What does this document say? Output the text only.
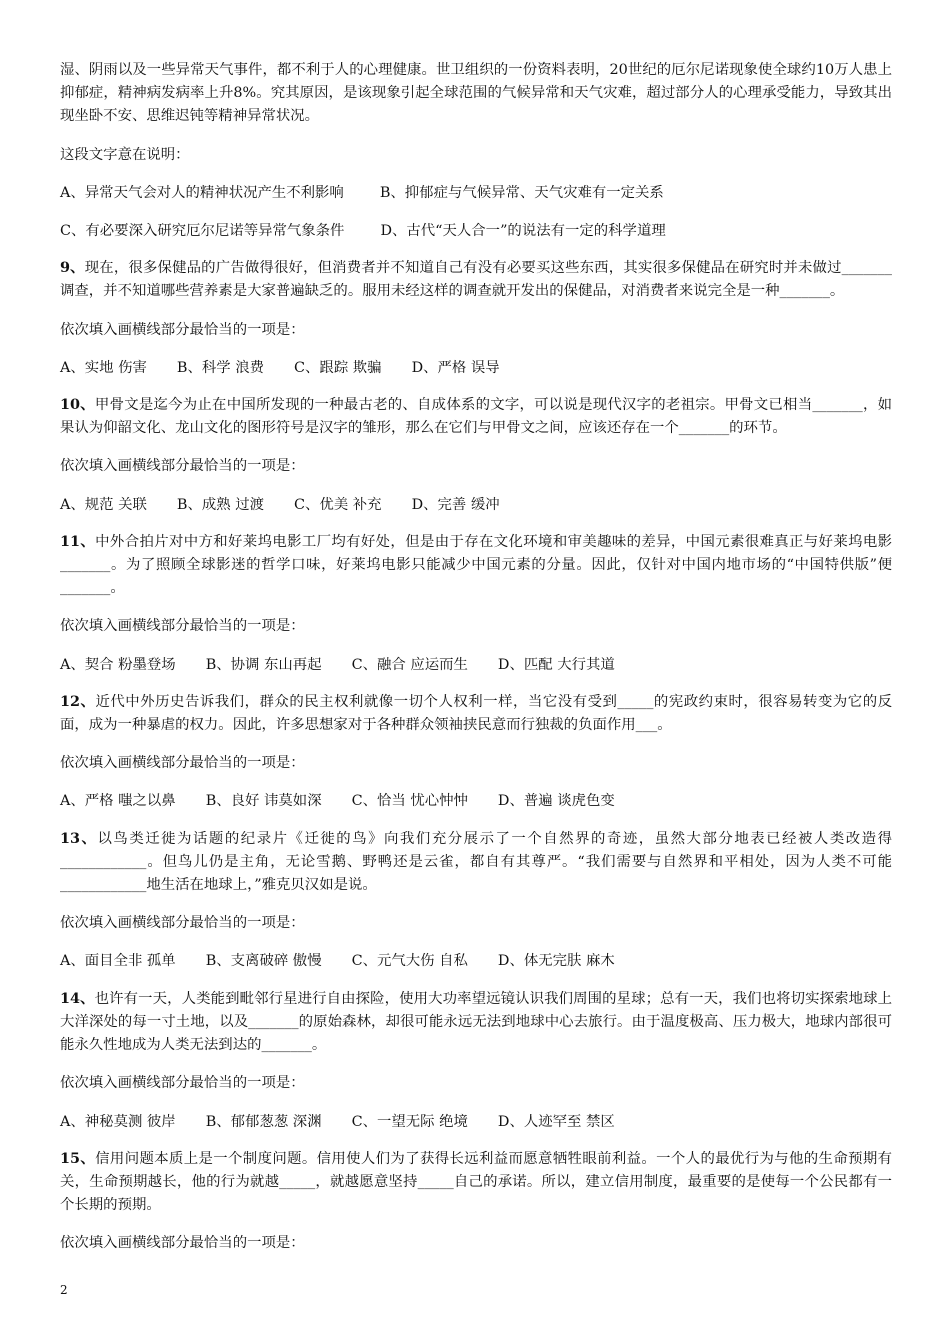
湿、阴雨以及一些异常天气事件，都不利于人的心理健康。世卫组织的一份资料表明，20世纪的厄尔尼诺现象使全球约10万人患上抑郁症，精神病发病率上升8%。究其原因，是该现象引起全球范围的气候异常和天气灾难，超过部分人的心理承受能力，导致其出现坐卧不安、思维迟钝等精神异常状况。

这段文字意在说明：

A、异常天气会对人的精神状况产生不利影响	B、抑郁症与气候异常、天气灾难有一定关系

C、有必要深入研究厄尔尼诺等异常气象条件	D、古代“天人合一”的说法有一定的科学道理

9、现在，很多保健品的广告做得很好，但消费者并不知道自己有没有必要买这些东西，其实很多保健品在研究时并未做过_______调查，并不知道哪些营养素是大家普遍缺乏的。服用未经这样的调查就开发出的保健品，对消费者来说完全是一种_______。

依次填入画横线部分最恰当的一项是：

A、实地 伤害 B、科学 浪费 C、跟踪 欺骗 D、严格 误导

10、甲骨文是迄今为止在中国所发现的一种最古老的、自成体系的文字，可以说是现代汉字的老祖宗。甲骨文已相当_______，如果认为仰韶文化、龙山文化的图形符号是汉字的雏形，那么在它们与甲骨文之间，应该还存在一个_______的环节。

依次填入画横线部分最恰当的一项是：

A、规范 关联 B、成熟 过渡 C、优美 补充 D、完善 缓冲

11、中外合拍片对中方和好莱坞电影工厂均有好处，但是由于存在文化环境和审美趣味的差异，中国元素很难真正与好莱坞电影_______。为了照顾全球影迷的哲学口味，好莱坞电影只能减少中国元素的分量。因此，仅针对中国内地市场的“中国特供版”便_______。

依次填入画横线部分最恰当的一项是：

A、契合 粉墨登场 B、协调 东山再起 C、融合 应运而生 D、匹配 大行其道

12、近代中外历史告诉我们，群众的民主权利就像一切个人权利一样，当它没有受到_____的宪政约束时，很容易转变为它的反面，成为一种暴虐的权力。因此，许多思想家对于各种群众领袖挟民意而行独裁的负面作用___。

依次填入画横线部分最恰当的一项是：

A、严格 嗤之以鼻 B、良好 讳莫如深 C、恰当 忧心忡忡 D、普遍 谈虎色变

13、以鸟类迁徙为话题的纪录片《迁徙的鸟》向我们充分展示了一个自然界的奇迹，虽然大部分地表已经被人类改造得____________。但鸟儿仍是主角，无论雪鹅、野鸭还是云雀，都自有其尊严。“我们需要与自然界和平相处，因为人类不可能____________地生活在地球上，”雅克贝汉如是说。

依次填入画横线部分最恰当的一项是：

A、面目全非 孤单 B、支离破碎 傲慢 C、元气大伤 自私 D、体无完肤 麻木

14、也许有一天，人类能到毗邻行星进行自由探险，使用大功率望远镜认识我们周围的星球；总有一天，我们也将切实探索地球上大洋深处的每一寸土地，以及_______的原始森林，却很可能永远无法到地球中心去旅行。由于温度极高、压力极大，地球内部很可能永久性地成为人类无法到达的_______。

依次填入画横线部分最恰当的一项是：

A、神秘莫测 彼岸 B、郁郁葱葱 深渊 C、一望无际 绝境 D、人迹罕至 禁区

15、信用问题本质上是一个制度问题。信用使人们为了获得长远利益而愿意牺牲眼前利益。一个人的最优行为与他的生命预期有关，生命预期越长，他的行为就越_____，就越愿意坚持_____自己的承诺。所以，建立信用制度，最重要的是使每一个公民都有一个长期的预期。

依次填入画横线部分最恰当的一项是：

2
